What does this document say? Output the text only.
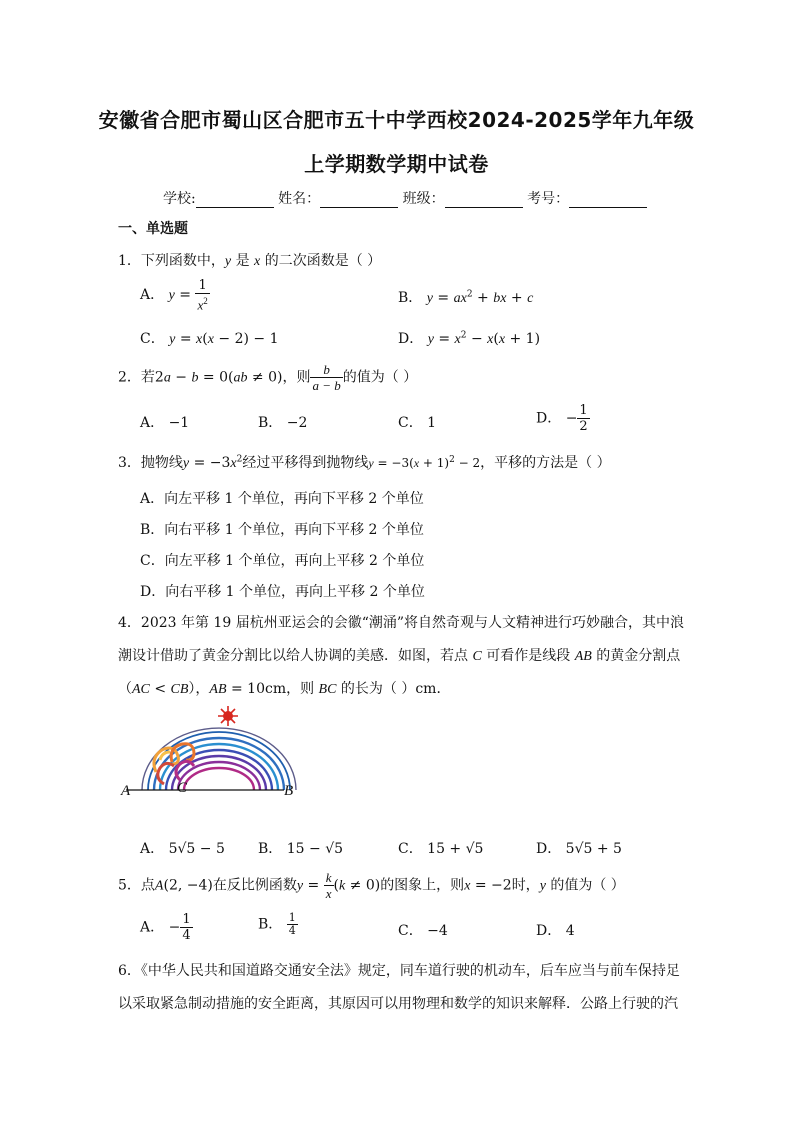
安徽省合肥市蜀山区合肥市五十中学西校2024-2025学年九年级
上学期数学期中试卷
学校:	姓名：	班级：	考号：
一、单选题
1．下列函数中，y 是 x 的二次函数是（ ）
A． $y = \frac{1}{x^2}$	B． $y = ax^2$ + bx + c
C． y = x(x − 2) − 1	D． $y = x^2 - x(x + 1)$
2．若2a − b = 0(ab ≠ 0)，则 $\frac{b}{a - b}$ 的值为（ ）
A． −1	B． −2	C． 1	D． − $\frac{1}{2}$
3．抛物线$y = -3x^2$经过平移得到抛物线$y = -3(x + 1)^2 - 2$，平移的方法是（ ）
A．向左平移 1 个单位，再向下平移 2 个单位
B．向右平移 1 个单位，再向下平移 2 个单位
C．向左平移 1 个单位，再向上平移 2 个单位
D．向右平移 1 个单位，再向上平移 2 个单位
4．2023 年第 19 届杭州亚运会的会徽“潮涌”将自然奇观与人文精神进行巧妙融合，其中浪
潮设计借助了黄金分割比以给人协调的美感．如图，若点 C 可看作是线段 AB 的黄金分割点
（AC < CB），AB = 10cm，则 BC 的长为（ ）cm．
A	C	B
A． 5√5 − 5 B． 15 − √5	C． 15 + √5	D． 5√5 + 5
5．点A(2, −4)在反比例函数$y = \frac{k}{x} (k \ne 0)$的图象上，则x = −2时，y 的值为（ ）
A． − $\frac{1}{4}$	B． $\frac{1}{4}$	C． −4	D． 4
6．《中华人民共和国道路交通安全法》规定，同车道行驶的机动车，后车应当与前车保持足
以采取紧急制动措施的安全距离，其原因可以用物理和数学的知识来解释．公路上行驶的汽
